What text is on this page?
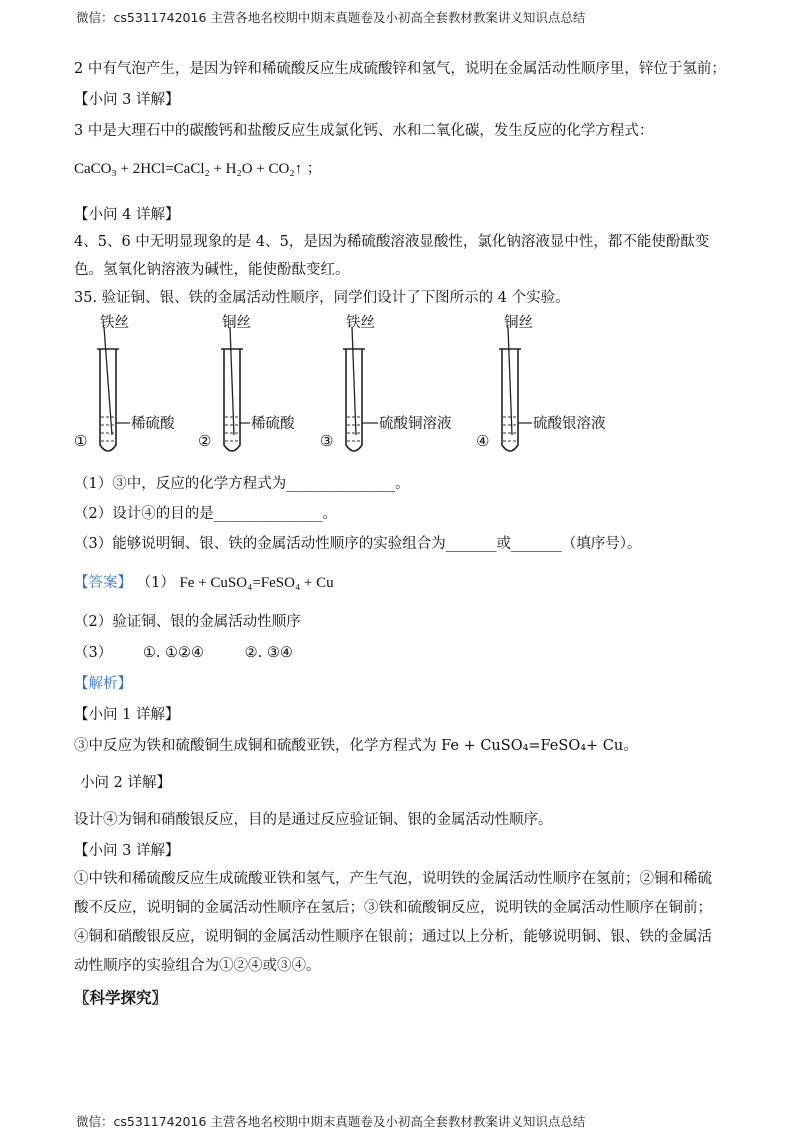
微信：cs5311742016 主营各地名校期中期末真题卷及小初高全套教材教案讲义知识点总结

2 中有气泡产生，是因为锌和稀硫酸反应生成硫酸锌和氢气，说明在金属活动性顺序里，锌位于氢前；

【小问 3 详解】

3 中是大理石中的碳酸钙和盐酸反应生成氯化钙、水和二氧化碳，发生反应的化学方程式：

CaCO₃ + 2HCl=CaCl₂ + H₂O + CO₂↑ ；

【小问 4 详解】

4、5、6 中无明显现象的是 4、5，是因为稀硫酸溶液显酸性，氯化钠溶液显中性，都不能使酚酞变色。氢氧化钠溶液为碱性，能使酚酞变红。

35. 验证铜、银、铁的金属活动性顺序，同学们设计了下图所示的 4 个实验。

铁丝	铜丝	铁丝	铜丝
稀硫酸	稀硫酸	硫酸铜溶液	硫酸银溶液
①	②	③	④

（1）③中，反应的化学方程式为_______________。

（2）设计④的目的是_______________。

（3）能够说明铜、银、铁的金属活动性顺序的实验组合为_______或_______（填序号）。

【答案】 （1） Fe + CuSO₄=FeSO₄ + Cu

（2）验证铜、银的金属活动性顺序

（3） ①. ①②④	②. ③④

【解析】

【小问 1 详解】

③中反应为铁和硫酸铜生成铜和硫酸亚铁，化学方程式为 Fe + CuSO₄=FeSO₄+ Cu。

小问 2 详解】

设计④为铜和硝酸银反应，目的是通过反应验证铜、银的金属活动性顺序。

【小问 3 详解】

①中铁和稀硫酸反应生成硫酸亚铁和氢气，产生气泡，说明铁的金属活动性顺序在氢前；②铜和稀硫酸不反应，说明铜的金属活动性顺序在氢后；③铁和硫酸铜反应，说明铁的金属活动性顺序在铜前；④铜和硝酸银反应，说明铜的金属活动性顺序在银前；通过以上分析，能够说明铜、银、铁的金属活动性顺序的实验组合为①②④或③④。

〖科学探究〗

微信：cs5311742016 主营各地名校期中期末真题卷及小初高全套教材教案讲义知识点总结
